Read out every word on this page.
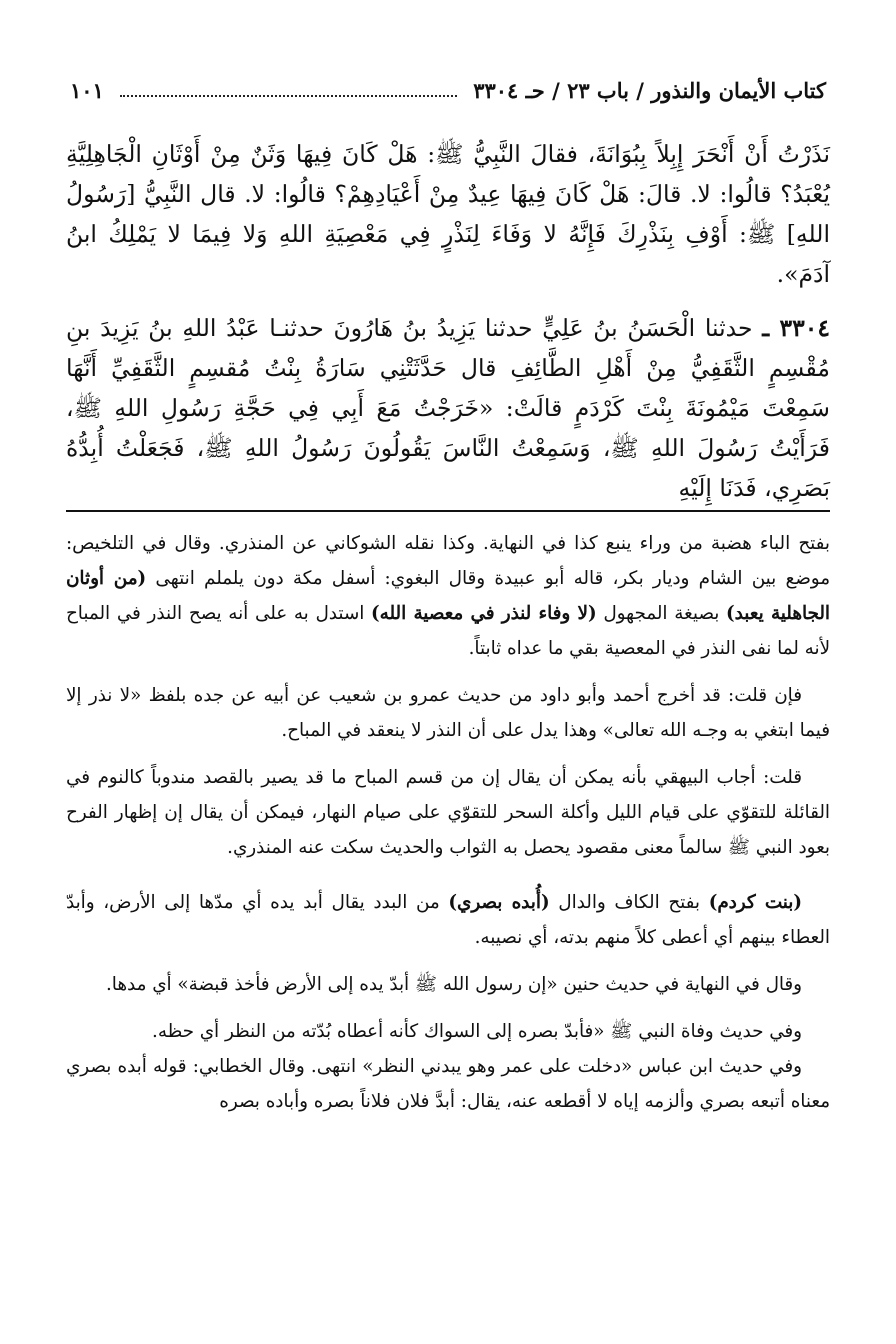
كتاب الأيمان والنذور / باب ٢٣ / حـ ٣٣٠٤
١٠١

نَذَرْتُ أَنْ أَنْحَرَ إِبِلاً بِبُوَانَةَ، فقالَ النَّبِيُّ ﷺ: هَلْ كَانَ فِيهَا وَثَنٌ مِنْ أَوْثَانِ الْجَاهِلِيَّةِ يُعْبَدُ؟ قالُوا: لا. قالَ: هَلْ كَانَ فِيهَا عِيدٌ مِنْ أَعْيَادِهِمْ؟ قالُوا: لا. قال النَّبِيُّ [رَسُولُ اللهِ] ﷺ: أَوْفِ بِنَذْرِكَ فَإِنَّهُ لا وَفَاءَ لِنَذْرٍ فِي مَعْصِيَةِ اللهِ وَلا فِيمَا لا يَمْلِكُ ابنُ آدَمَ».

٣٣٠٤ ـ حدثنا الْحَسَنُ بنُ عَلِيٍّ حدثنا يَزِيدُ بنُ هَارُونَ حدثنـا عَبْدُ اللهِ بنُ يَزِيدَ بنِ مُقْسِمٍ الثَّقَفِيُّ مِنْ أَهْلِ الطَّائِفِ قال حَدَّثَتْنِي سَارَةُ بِنْتُ مُقسِمٍ الثَّقَفِيِّ أَنَّهَا سَمِعْتَ مَيْمُونَةَ بِنْتَ كَرْدَمٍ قالَتْ: «خَرَجْتُ مَعَ أَبِي فِي حَجَّةِ رَسُولِ اللهِ ﷺ، فَرَأَيْتُ رَسُولَ اللهِ ﷺ، وَسَمِعْتُ النَّاسَ يَقُولُونَ رَسُولُ اللهِ ﷺ، فَجَعَلْتُ أُبِدُّهُ بَصَرِي، فَدَنَا إِلَيْهِ

بفتح الباء هضبة من وراء ينبع كذا في النهاية. وكذا نقله الشوكاني عن المنذري. وقال في التلخيص: موضع بين الشام وديار بكر، قاله أبو عبيدة وقال البغوي: أسفل مكة دون يلملم انتهى (من أوثان الجاهلية يعبد) بصيغة المجهول (لا وفاء لنذر في معصية الله) استدل به على أنه يصح النذر في المباح لأنه لما نفى النذر في المعصية بقي ما عداه ثابتاً.

فإن قلت: قد أخرج أحمد وأبو داود من حديث عمرو بن شعيب عن أبيه عن جده بلفظ «لا نذر إلا فيما ابتغي به وجـه الله تعالى» وهذا يدل على أن النذر لا ينعقد في المباح.

قلت: أجاب البيهقي بأنه يمكن أن يقال إن من قسم المباح ما قد يصير بالقصد مندوباً كالنوم في القائلة للتقوّي على قيام الليل وأكلة السحر للتقوّي على صيام النهار، فيمكن أن يقال إن إظهار الفرح بعود النبي ﷺ سالماً معنى مقصود يحصل به الثواب والحديث سكت عنه المنذري.

(بنت كردم) بفتح الكاف والدال (أُبده بصري) من البدد يقال أبد يده أي مدّها إلى الأرض، وأبدّ العطاء بينهم أي أعطى كلاً منهم بدته، أي نصيبه.

وقال في النهاية في حديث حنين «إن رسول الله ﷺ أبدّ يده إلى الأرض فأخذ قبضة» أي مدها.

وفي حديث وفاة النبي ﷺ «فأبدّ بصره إلى السواك كأنه أعطاه بُدّته من النظر أي حظه.

وفي حديث ابن عباس «دخلت على عمر وهو يبدني النظر» انتهى. وقال الخطابي: قوله أبده بصري معناه أتبعه بصري وألزمه إياه لا أقطعه عنه، يقال: أبدَّ فلان فلاناً بصره وأباده بصره
